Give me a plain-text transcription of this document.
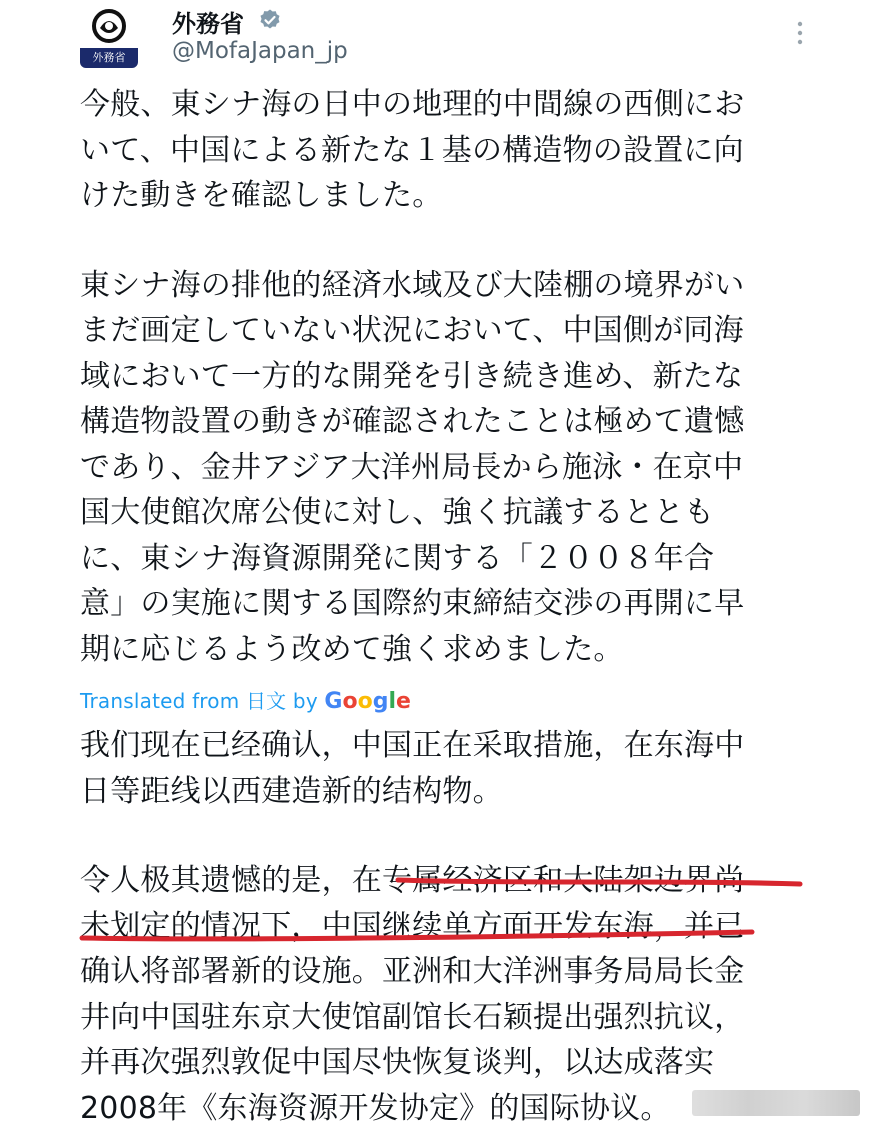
外務省
外務省
@MofaJapan_jp

今般、東シナ海の日中の地理的中間線の西側にお
いて、中国による新たな１基の構造物の設置に向
けた動きを確認しました。

東シナ海の排他的経済水域及び大陸棚の境界がい
まだ画定していない状況において、中国側が同海
域において一方的な開発を引き続き進め、新たな
構造物設置の動きが確認されたことは極めて遺憾
であり、金井アジア大洋州局長から施泳・在京中
国大使館次席公使に対し、強く抗議するととも
に、東シナ海資源開発に関する「２００８年合
意」の実施に関する国際約束締結交渉の再開に早
期に応じるよう改めて強く求めました。

Translated from 日文 by Google

我们现在已经确认，中国正在采取措施，在东海中
日等距线以西建造新的结构物。

令人极其遗憾的是，在专属经济区和大陆架边界尚
未划定的情况下，中国继续单方面开发东海，并已
确认将部署新的设施。亚洲和大洋洲事务局局长金
井向中国驻东京大使馆副馆长石颖提出强烈抗议，
并再次强烈敦促中国尽快恢复谈判，以达成落实
2008年《东海资源开发协定》的国际协议。
